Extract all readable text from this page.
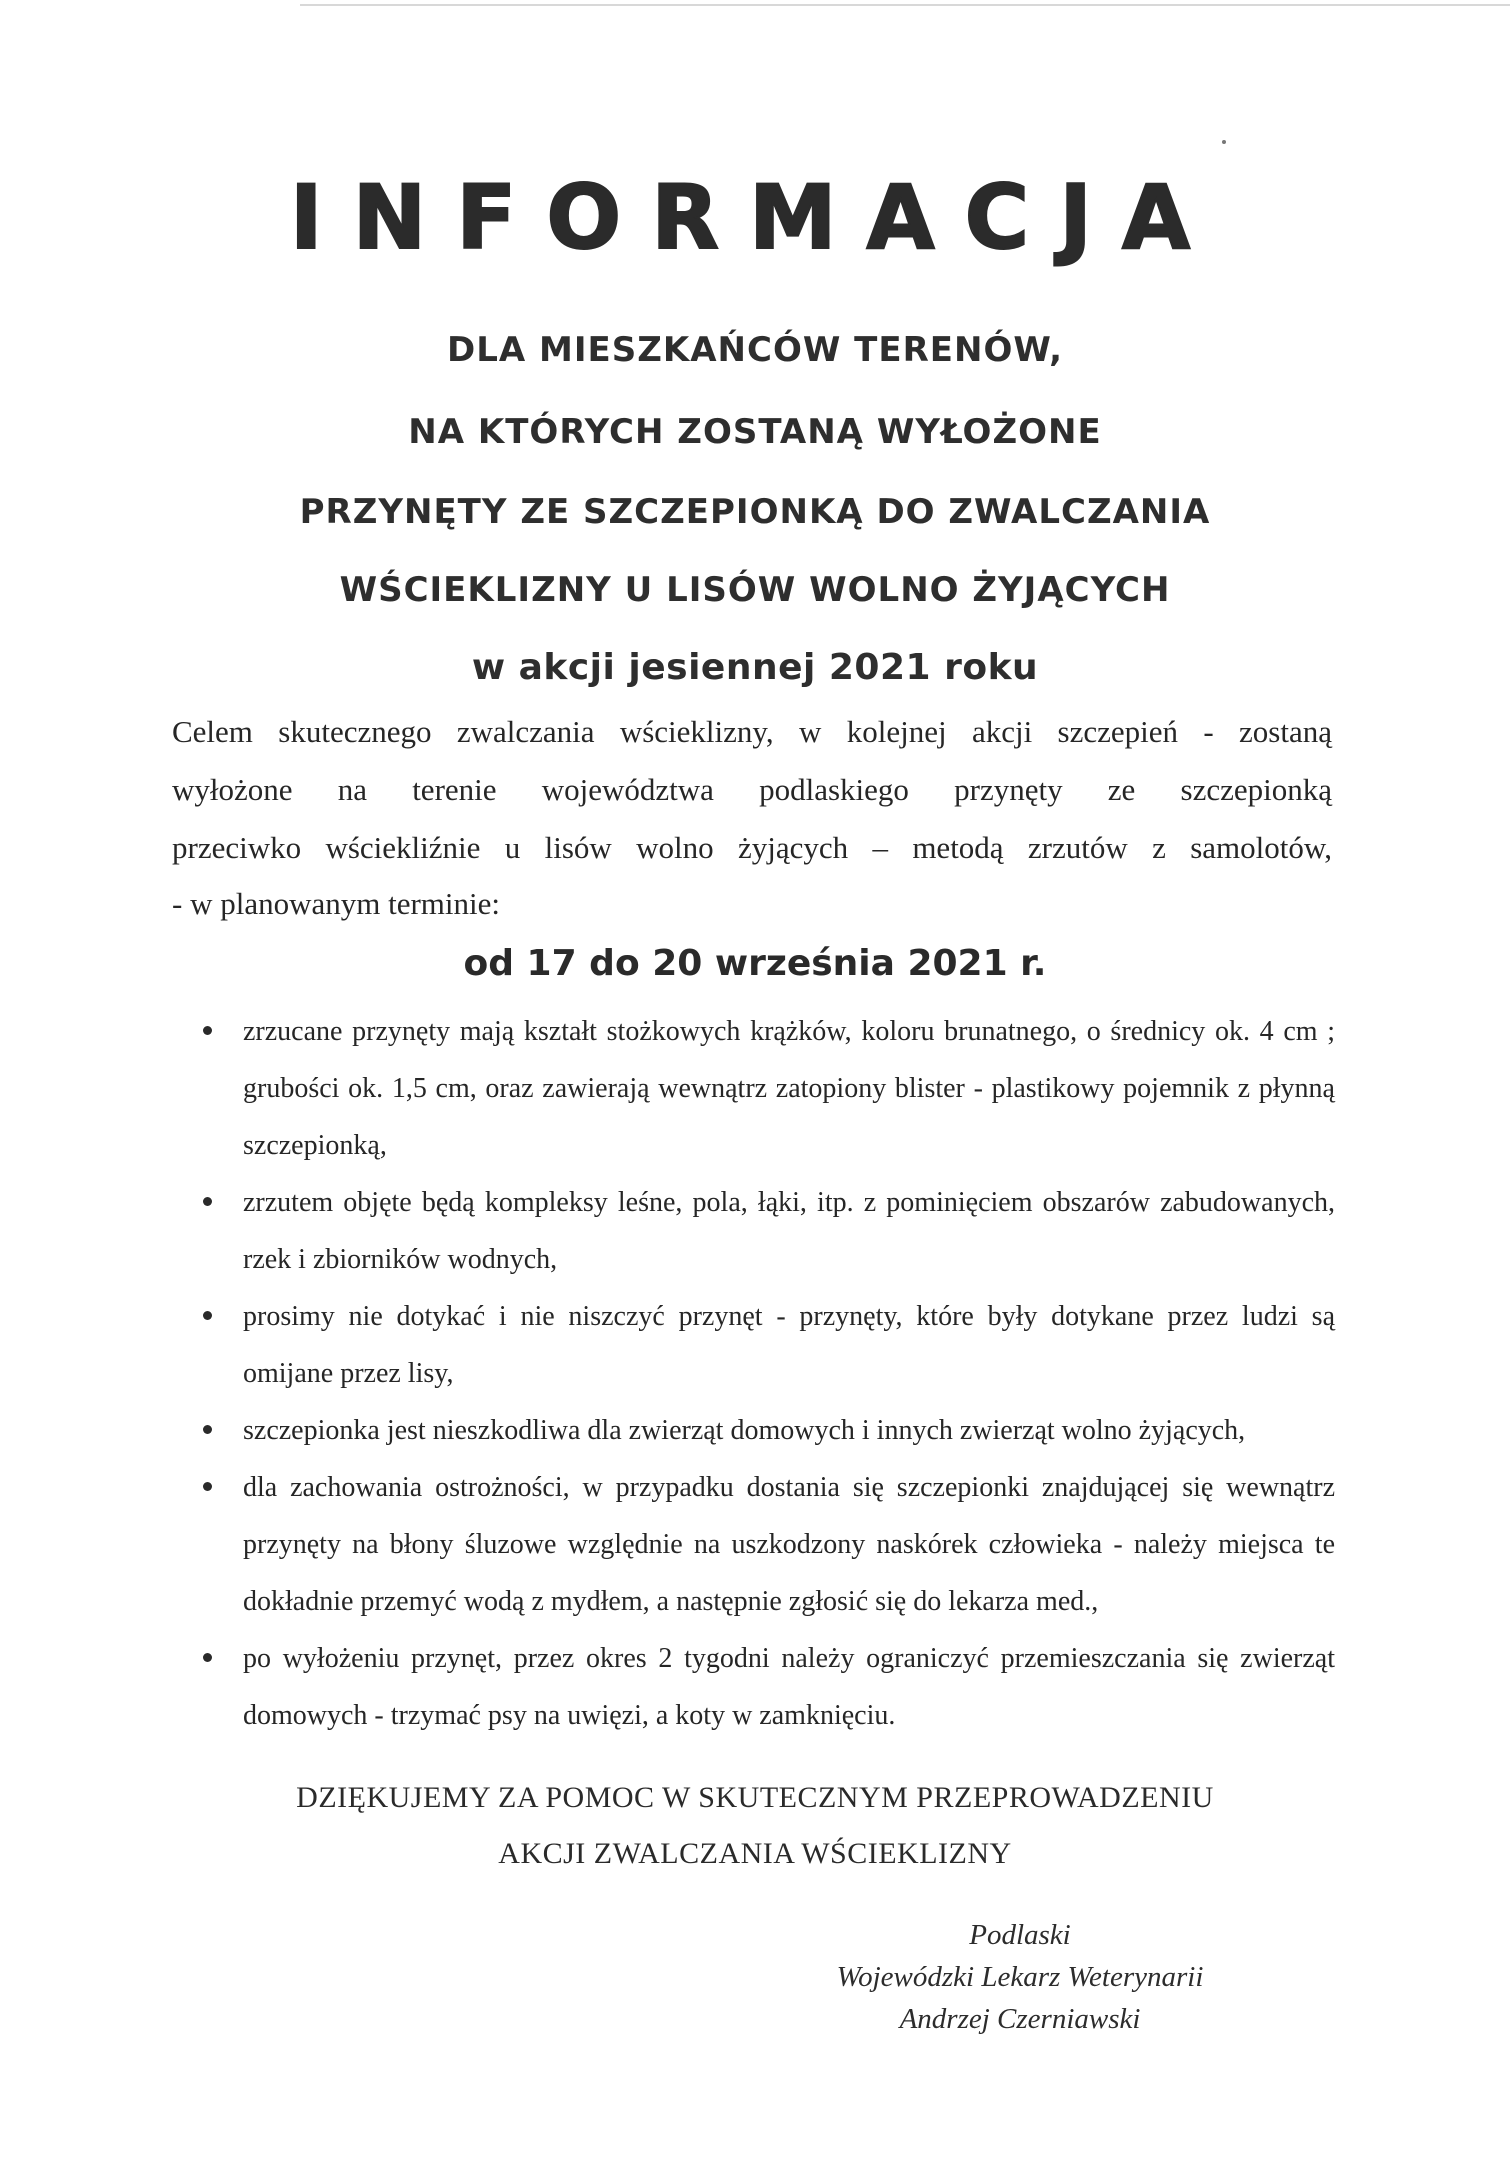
INFORMACJA
DLA MIESZKAŃCÓW TERENÓW,
NA KTÓRYCH ZOSTANĄ WYŁOŻONE
PRZYNĘTY ZE SZCZEPIONKĄ DO ZWALCZANIA
WŚCIEKLIZNY U LISÓW WOLNO ŻYJĄCYCH
w akcji jesiennej 2021 roku
Celem skutecznego zwalczania wścieklizny, w kolejnej akcji szczepień - zostaną
wyłożone na terenie województwa podlaskiego przynęty ze szczepionką
przeciwko wściekliźnie u lisów wolno żyjących – metodą zrzutów z samolotów,
- w planowanym terminie:
od 17 do 20 września 2021 r.
zrzucane przynęty mają kształt stożkowych krążków, koloru brunatnego, o średnicy ok. 4 cm ; grubości ok. 1,5 cm, oraz zawierają wewnątrz zatopiony blister - plastikowy pojemnik z płynną szczepionką,
zrzutem objęte będą kompleksy leśne, pola, łąki, itp. z pominięciem obszarów zabudowanych, rzek i zbiorników wodnych,
prosimy nie dotykać i nie niszczyć przynęt - przynęty, które były dotykane przez ludzi są omijane przez lisy,
szczepionka jest nieszkodliwa dla zwierząt domowych i innych zwierząt wolno żyjących,
dla zachowania ostrożności, w przypadku dostania się szczepionki znajdującej się wewnątrz przynęty na błony śluzowe względnie na uszkodzony naskórek człowieka - należy miejsca te dokładnie przemyć wodą z mydłem, a następnie zgłosić się do lekarza med.,
po wyłożeniu przynęt, przez okres 2 tygodni należy ograniczyć przemieszczania się zwierząt domowych - trzymać psy na uwięzi, a koty w zamknięciu.
DZIĘKUJEMY ZA POMOC W SKUTECZNYM PRZEPROWADZENIU
AKCJI ZWALCZANIA WŚCIEKLIZNY
Podlaski
Wojewódzki Lekarz Weterynarii
Andrzej Czerniawski
